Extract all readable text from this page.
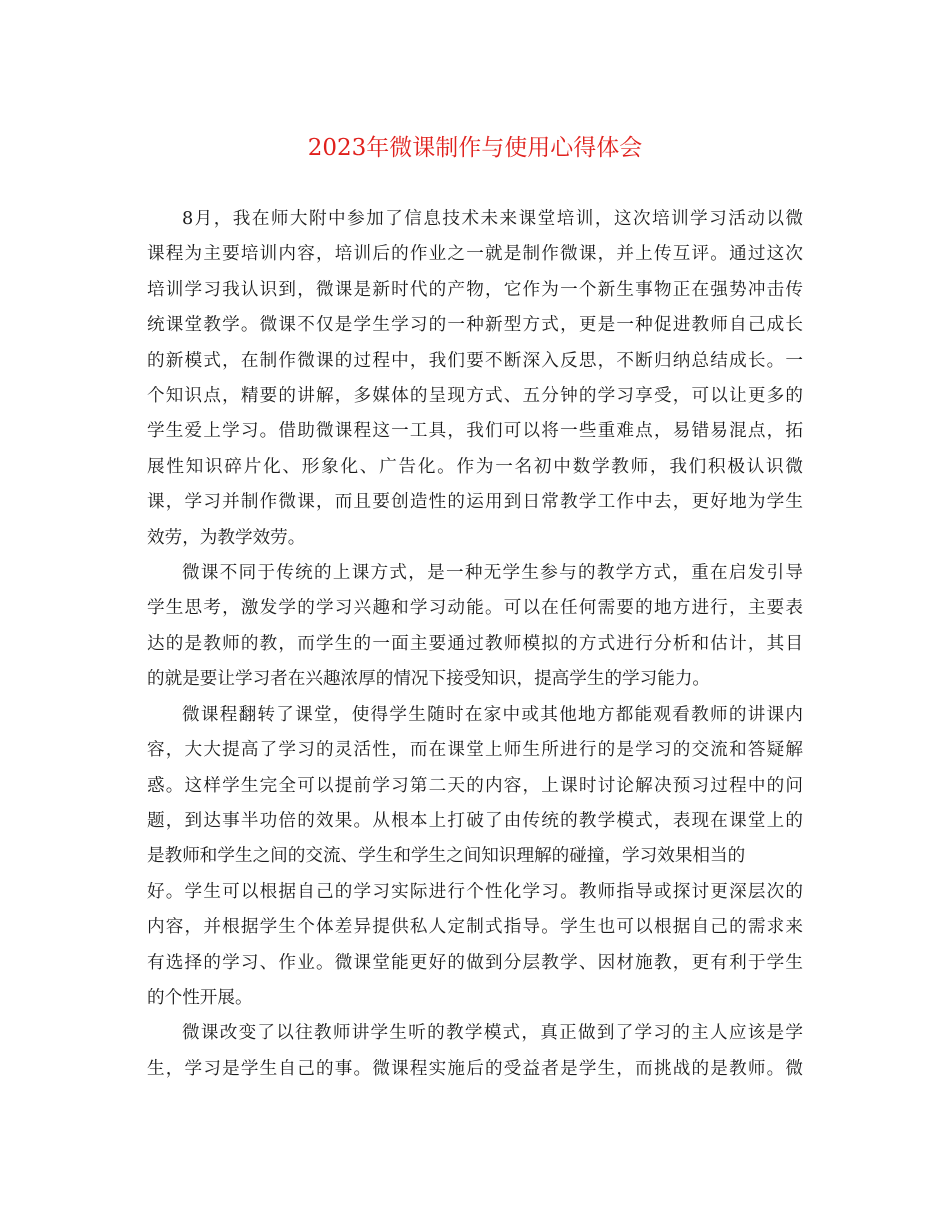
2023年微课制作与使用心得体会

8月，我在师大附中参加了信息技术未来课堂培训，这次培训学习活动以微
课程为主要培训内容，培训后的作业之一就是制作微课，并上传互评。通过这次
培训学习我认识到，微课是新时代的产物，它作为一个新生事物正在强势冲击传
统课堂教学。微课不仅是学生学习的一种新型方式，更是一种促进教师自己成长
的新模式，在制作微课的过程中，我们要不断深入反思，不断归纳总结成长。一
个知识点，精要的讲解，多媒体的呈现方式、五分钟的学习享受，可以让更多的
学生爱上学习。借助微课程这一工具，我们可以将一些重难点，易错易混点，拓
展性知识碎片化、形象化、广告化。作为一名初中数学教师，我们积极认识微
课，学习并制作微课，而且要创造性的运用到日常教学工作中去，更好地为学生
效劳，为教学效劳。

微课不同于传统的上课方式，是一种无学生参与的教学方式，重在启发引导
学生思考，激发学的学习兴趣和学习动能。可以在任何需要的地方进行，主要表
达的是教师的教，而学生的一面主要通过教师模拟的方式进行分析和估计，其目
的就是要让学习者在兴趣浓厚的情况下接受知识，提高学生的学习能力。

微课程翻转了课堂，使得学生随时在家中或其他地方都能观看教师的讲课内
容，大大提高了学习的灵活性，而在课堂上师生所进行的是学习的交流和答疑解
惑。这样学生完全可以提前学习第二天的内容，上课时讨论解决预习过程中的问
题，到达事半功倍的效果。从根本上打破了由传统的教学模式，表现在课堂上的
是教师和学生之间的交流、学生和学生之间知识理解的碰撞，学习效果相当的
好。学生可以根据自己的学习实际进行个性化学习。教师指导或探讨更深层次的
内容，并根据学生个体差异提供私人定制式指导。学生也可以根据自己的需求来
有选择的学习、作业。微课堂能更好的做到分层教学、因材施教，更有利于学生
的个性开展。

微课改变了以往教师讲学生听的教学模式，真正做到了学习的主人应该是学
生，学习是学生自己的事。微课程实施后的受益者是学生，而挑战的是教师。微
